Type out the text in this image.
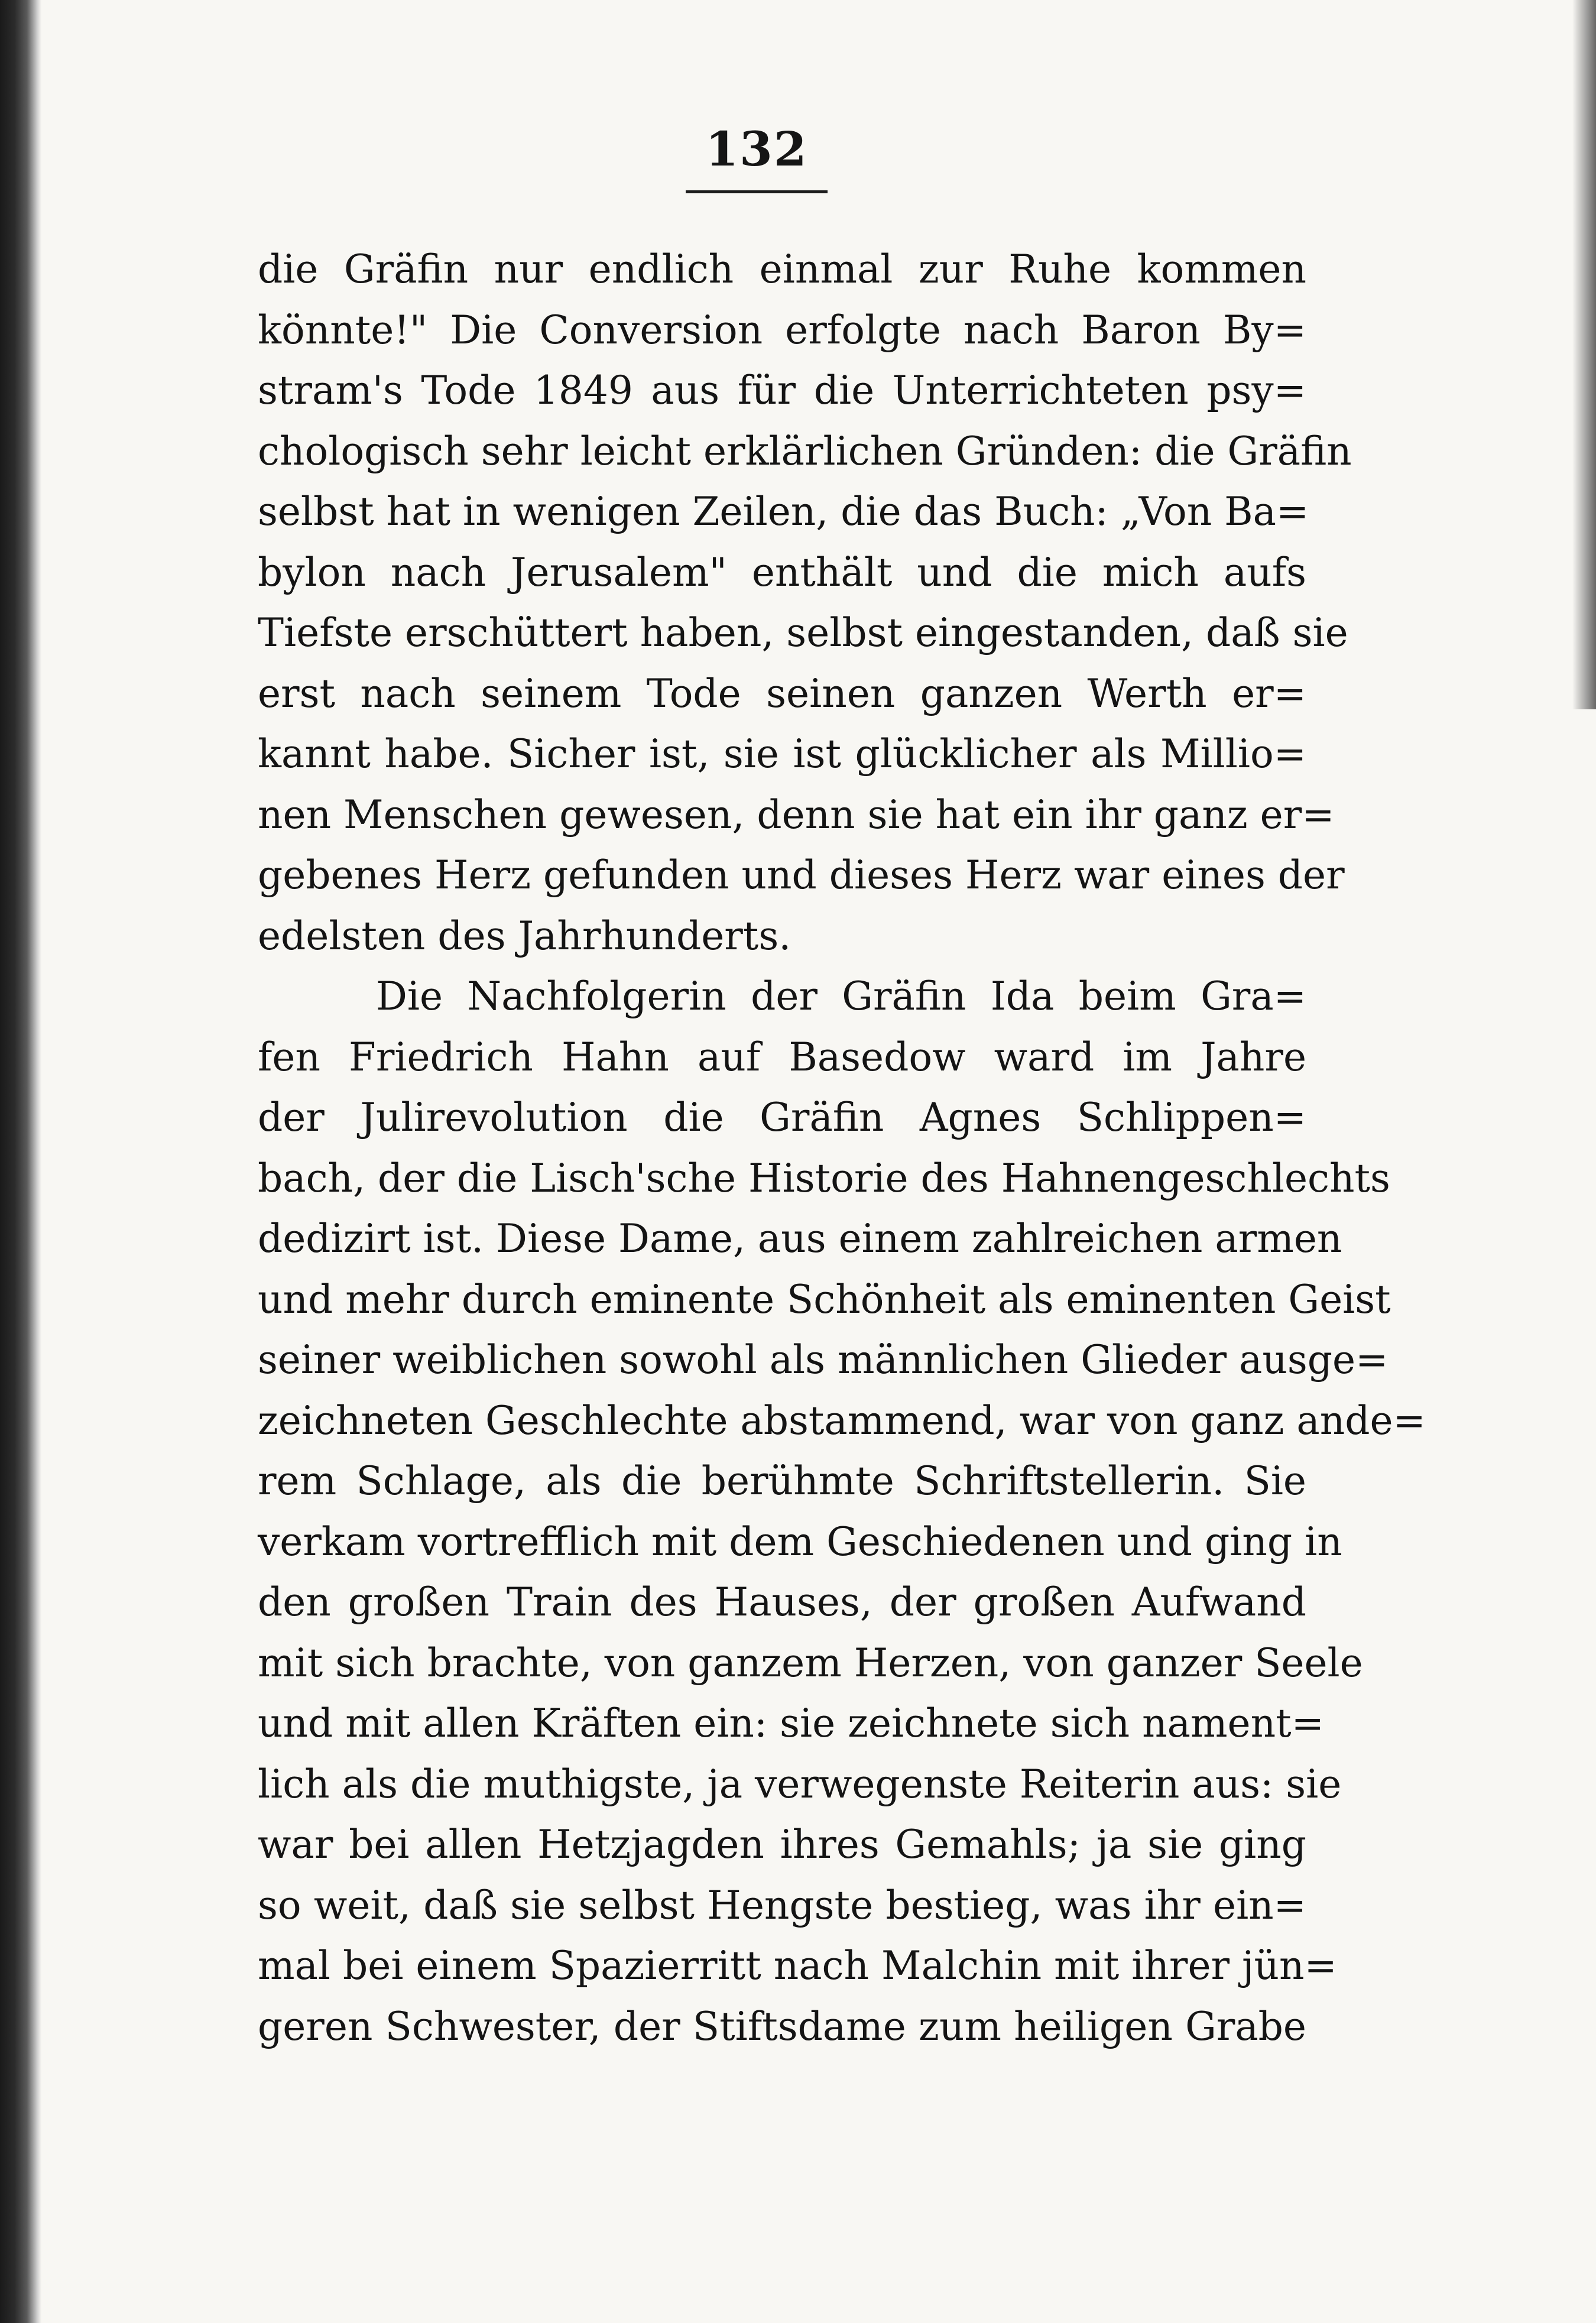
132
die Gräfin nur endlich einmal zur Ruhe kommen
könnte!" Die Conversion erfolgte nach Baron By=
stram's Tode 1849 aus für die Unterrichteten psy=
chologisch sehr leicht erklärlichen Gründen: die Gräfin
selbst hat in wenigen Zeilen, die das Buch: „Von Ba=
bylon nach Jerusalem" enthält und die mich aufs
Tiefste erschüttert haben, selbst eingestanden, daß sie
erst nach seinem Tode seinen ganzen Werth er=
kannt habe. Sicher ist, sie ist glücklicher als Millio=
nen Menschen gewesen, denn sie hat ein ihr ganz er=
gebenes Herz gefunden und dieses Herz war eines der
edelsten des Jahrhunderts.
Die Nachfolgerin der Gräfin Ida beim Gra=
fen Friedrich Hahn auf Basedow ward im Jahre
der Julirevolution die Gräfin Agnes Schlippen=
bach, der die Lisch'sche Historie des Hahnengeschlechts
dedizirt ist. Diese Dame, aus einem zahlreichen armen
und mehr durch eminente Schönheit als eminenten Geist
seiner weiblichen sowohl als männlichen Glieder ausge=
zeichneten Geschlechte abstammend, war von ganz ande=
rem Schlage, als die berühmte Schriftstellerin. Sie
verkam vortrefflich mit dem Geschiedenen und ging in
den großen Train des Hauses, der großen Aufwand
mit sich brachte, von ganzem Herzen, von ganzer Seele
und mit allen Kräften ein: sie zeichnete sich nament=
lich als die muthigste, ja verwegenste Reiterin aus: sie
war bei allen Hetzjagden ihres Gemahls; ja sie ging
so weit, daß sie selbst Hengste bestieg, was ihr ein=
mal bei einem Spazierritt nach Malchin mit ihrer jün=
geren Schwester, der Stiftsdame zum heiligen Grabe
